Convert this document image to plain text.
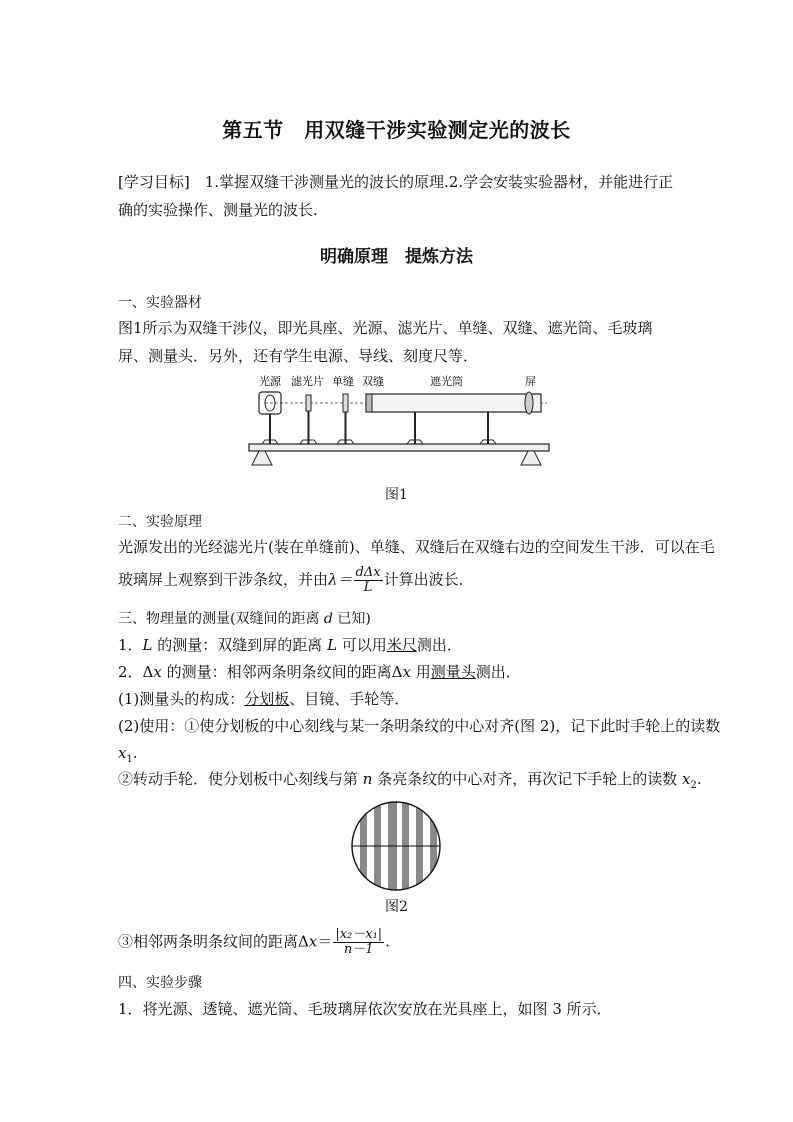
第五节　用双缝干涉实验测定光的波长
[学习目标]　1.掌握双缝干涉测量光的波长的原理.2.学会安装实验器材，并能进行正确的实验操作、测量光的波长.
明确原理　提炼方法
一、实验器材
图1所示为双缝干涉仪，即光具座、光源、滤光片、单缝、双缝、遮光筒、毛玻璃屏、测量头．另外，还有学生电源、导线、刻度尺等．
光源 滤光片 单缝 双缝	遮光筒	屏
图1
二、实验原理
光源发出的光经滤光片(装在单缝前)、单缝、双缝后在双缝右边的空间发生干涉．可以在毛
玻璃屏上观察到干涉条纹，并由$\lambda= \frac{\text{dΔx}}{L}$ 计算出波长．
三、物理量的测量(双缝间的距离 d 已知)
1．L 的测量：双缝到屏的距离 L 可以用米尺测出．
2．Δx 的测量：相邻两条明条纹间的距离Δx 用测量头测出．
(1)测量头的构成：分划板、目镜、手轮等．
(2)使用：①使分划板的中心刻线与某一条明条纹的中心对齐(图 2)，记下此时手轮上的读数
$x_1$.
②转动手轮．使分划板中心刻线与第 n 条亮条纹的中心对齐，再次记下手轮上的读数 $x_2$.
图2
③相邻两条明条纹间的距离$\Delta x= \frac{\text{|x₂－x₁|}}{n-1}$ .
四、实验步骤
1．将光源、透镜、遮光筒、毛玻璃屏依次安放在光具座上，如图 3 所示．
